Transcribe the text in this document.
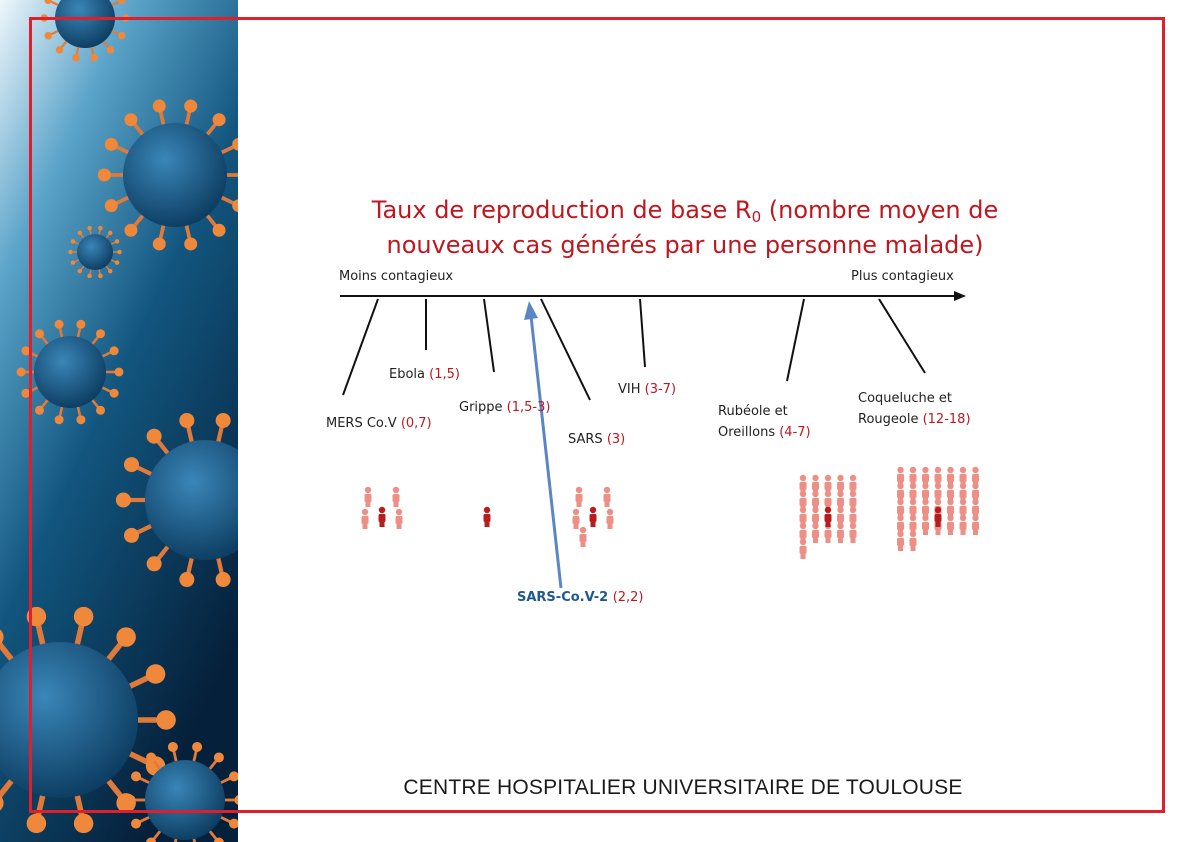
Taux de reproduction de base $R_0$ (nombre moyen de nouveaux cas générés par une personne malade)
Moins contagieux	Plus contagieux
MERS Co.V (0,7)
Ebola (1,5)
Grippe (1,5-3)
SARS (3)
VIH (3-7)
Rubéole et Oreillons (4-7)
Coqueluche et Rougeole (12-18)
SARS-Co.V-2 (2,2)
CENTRE HOSPITALIER UNIVERSITAIRE DE TOULOUSE
